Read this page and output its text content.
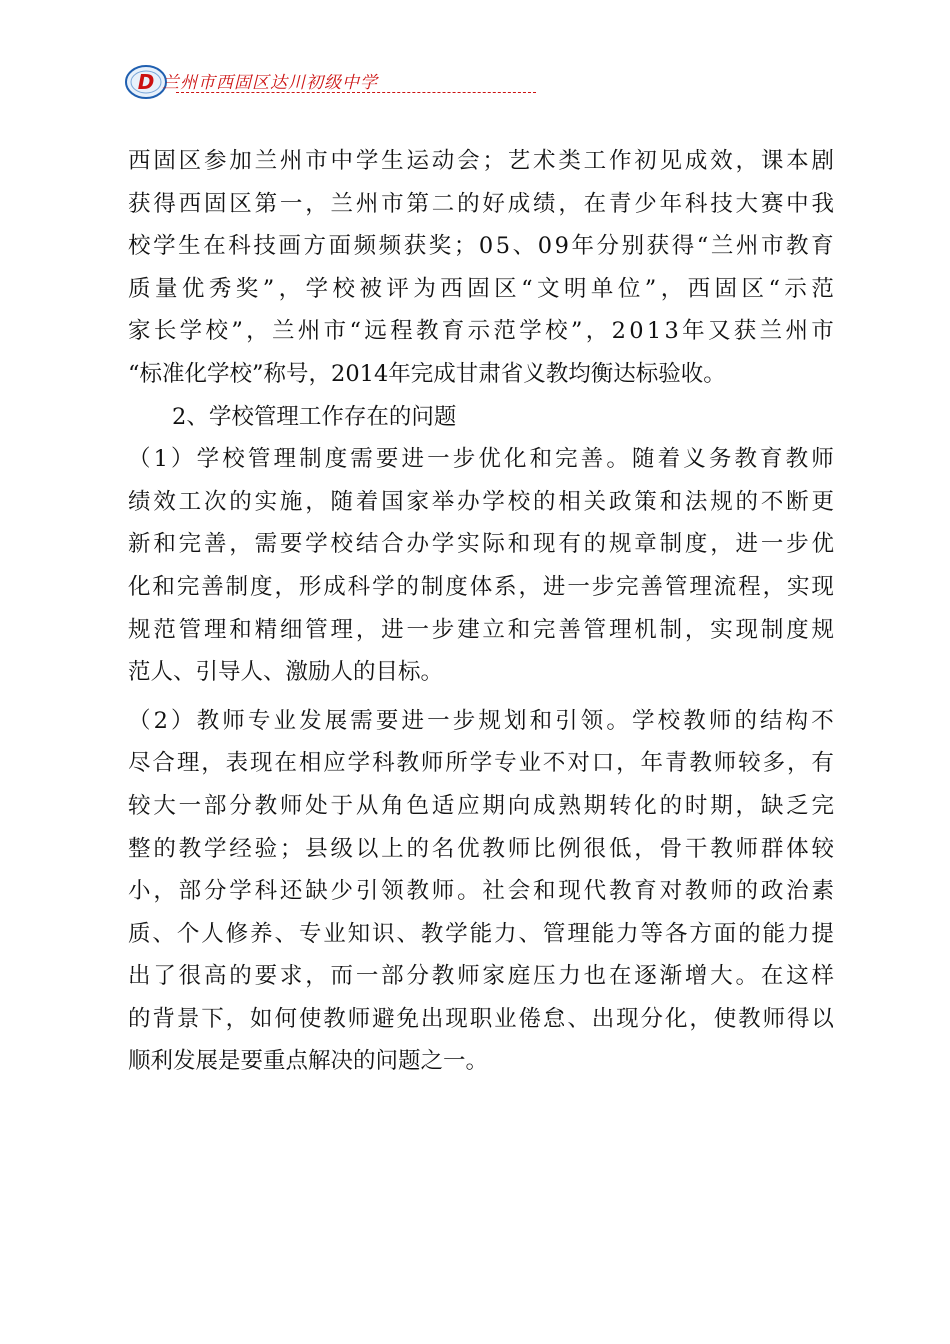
D 兰州市西固区达川初级中学
西 固 区 参 加 兰 州 市 中 学 生 运 动 会 ； 艺 术 类 工 作 初 见 成 效 ， 课 本 剧
获 得 西 固 区 第 一 ， 兰 州 市 第 二 的 好 成 绩 ， 在 青 少 年 科 技 大 赛 中 我
校 学 生 在 科 技 画 方 面 频 频 获 奖 ； 0 5 、 0 9 年 分 别 获 得 “ 兰 州 市 教 育
质 量 优 秀 奖 ” ， 学 校 被 评 为 西 固 区 “ 文 明 单 位 ” ， 西 固 区 “ 示 范
家 长 学 校 ” ， 兰 州 市 “ 远 程 教 育 示 范 学 校 ” ， 2 0 1 3 年 又 获 兰 州 市
“标准化学校”称号，2014年完成甘肃省义教均衡达标验收。
2、学校管理工作存在的问题
（ 1 ） 学 校 管 理 制 度 需 要 进 一 步 优 化 和 完 善 。 随 着 义 务 教 育 教 师
绩 效 工 次 的 实 施 ， 随 着 国 家 举 办 学 校 的 相 关 政 策 和 法 规 的 不 断 更
新 和 完 善 ， 需 要 学 校 结 合 办 学 实 际 和 现 有 的 规 章 制 度 ， 进 一 步 优
化 和 完 善 制 度 ， 形 成 科 学 的 制 度 体 系 ， 进 一 步 完 善 管 理 流 程 ， 实 现
规 范 管 理 和 精 细 管 理 ， 进 一 步 建 立 和 完 善 管 理 机 制 ， 实 现 制 度 规
范人、引导人、激励人的目标。
（ 2 ） 教 师 专 业 发 展 需 要 进 一 步 规 划 和 引 领 。 学 校 教 师 的 结 构 不
尽 合 理 ， 表 现 在 相 应 学 科 教 师 所 学 专 业 不 对 口 ， 年 青 教 师 较 多 ， 有
较 大 一 部 分 教 师 处 于 从 角 色 适 应 期 向 成 熟 期 转 化 的 时 期 ， 缺 乏 完
整 的 教 学 经 验 ； 县 级 以 上 的 名 优 教 师 比 例 很 低 ， 骨 干 教 师 群 体 较
小 ， 部 分 学 科 还 缺 少 引 领 教 师 。 社 会 和 现 代 教 育 对 教 师 的 政 治 素
质 、 个 人 修 养 、 专 业 知 识 、 教 学 能 力 、 管 理 能 力 等 各 方 面 的 能 力 提
出 了 很 高 的 要 求 ， 而 一 部 分 教 师 家 庭 压 力 也 在 逐 渐 增 大 。 在 这 样
的 背 景 下 ， 如 何 使 教 师 避 免 出 现 职 业 倦 怠 、 出 现 分 化 ， 使 教 师 得 以
顺利发展是要重点解决的问题之一。
